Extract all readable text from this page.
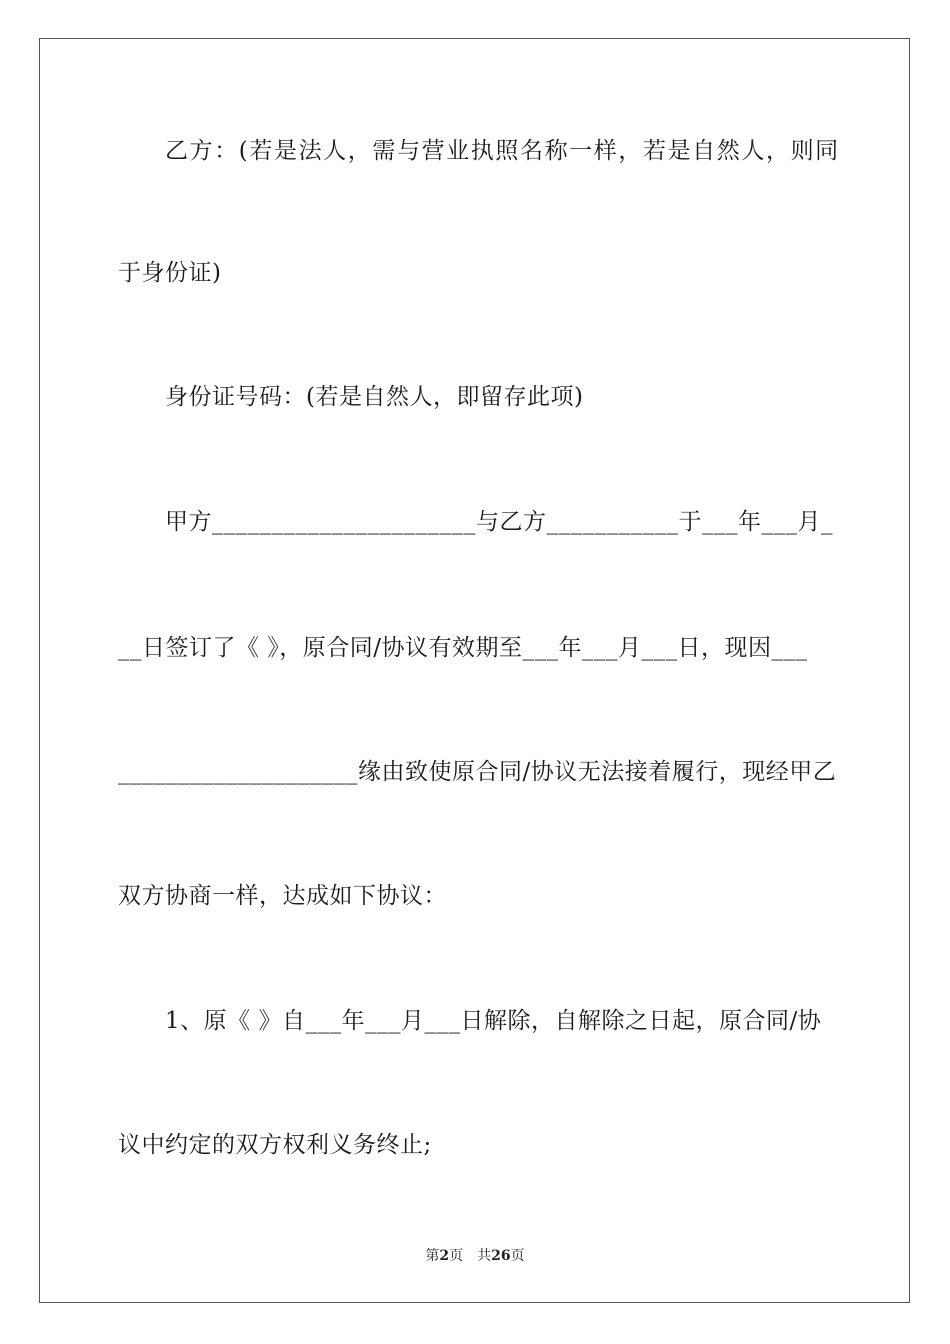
乙方：(若是法人，需与营业执照名称一样，若是自然人，则同
于身份证)
身份证号码：(若是自然人，即留存此项)
甲方______________________与乙方___________于___年___月_
__日签订了《 》，原合同/协议有效期至___年___月___日，现因___
____________________缘由致使原合同/协议无法接着履行，现经甲乙
双方协商一样，达成如下协议：
1、原《 》自___年___月___日解除，自解除之日起，原合同/协
议中约定的双方权利义务终止;
第2页 共26页
